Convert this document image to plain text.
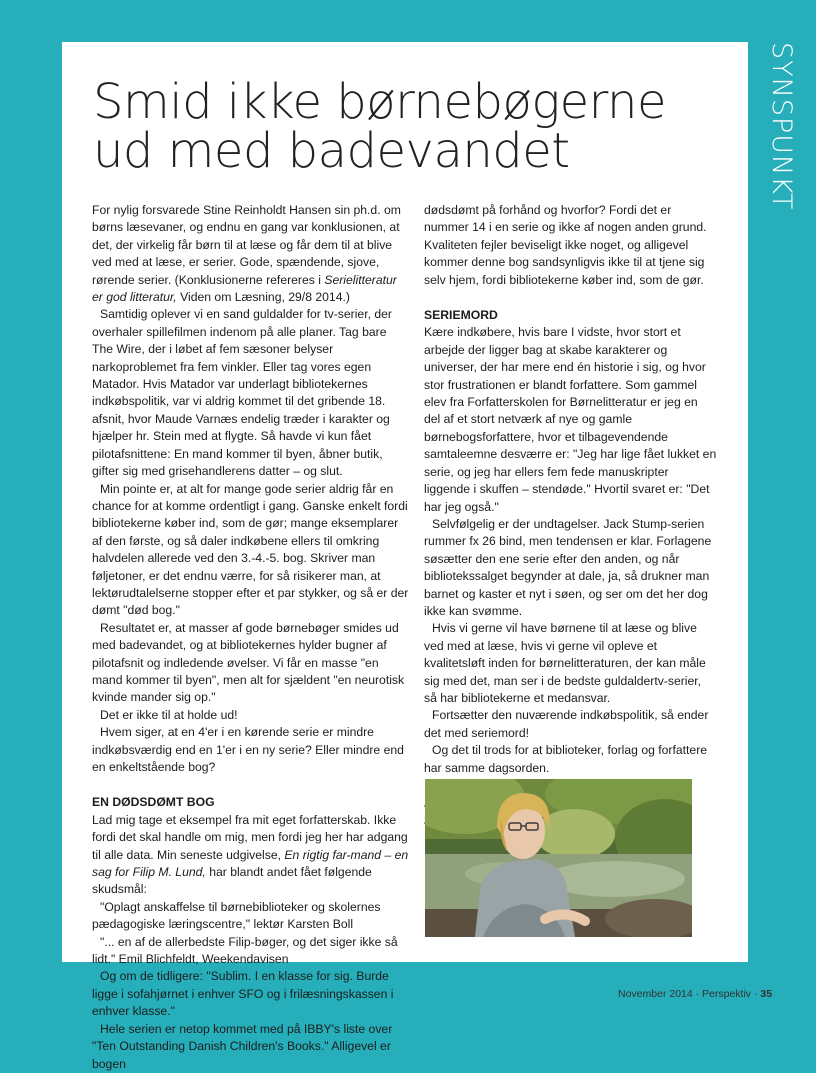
SYNSPUNKT
Smid ikke børnebøgerne
ud med badevandet

For nylig forsvarede Stine Reinholdt Hansen sin ph.d. om børns læsevaner, og endnu en gang var konklusionen, at det, der virkelig får børn til at læse og får dem til at blive ved med at læse, er serier. Gode, spændende, sjove, rørende serier. (Konklusionerne refereres i Serielitteratur er god litteratur, Viden om Læsning, 29/8 2014.)

Samtidig oplever vi en sand guldalder for tv-serier, der overhaler spillefilmen indenom på alle planer. Tag bare The Wire, der i løbet af fem sæsoner belyser narkoproblemet fra fem vinkler. Eller tag vores egen Matador. Hvis Matador var underlagt bibliotekernes indkøbspolitik, var vi aldrig kommet til det gribende 18. afsnit, hvor Maude Varnæs endelig træder i karakter og hjælper hr. Stein med at flygte. Så havde vi kun fået pilotafsnittene: En mand kommer til byen, åbner butik, gifter sig med grisehandlerens datter – og slut.

Min pointe er, at alt for mange gode serier aldrig får en chance for at komme ordentligt i gang. Ganske enkelt fordi bibliotekerne køber ind, som de gør; mange eksemplarer af den første, og så daler indkøbene ellers til omkring halvdelen allerede ved den 3.-4.-5. bog. Skriver man føljetoner, er det endnu værre, for så risikerer man, at lektørudtalelserne stopper efter et par stykker, og så er der dømt "død bog."

Resultatet er, at masser af gode børnebøger smides ud med badevandet, og at bibliotekernes hylder bugner af pilotafsnit og indledende øvelser. Vi får en masse "en mand kommer til byen", men alt for sjældent "en neurotisk kvinde mander sig op."

Det er ikke til at holde ud!

Hvem siger, at en 4'er i en kørende serie er mindre indkøbsværdig end en 1'er i en ny serie? Eller mindre end en enkeltstående bog?

EN DØDSDØMT BOG

Lad mig tage et eksempel fra mit eget forfatterskab. Ikke fordi det skal handle om mig, men fordi jeg her har adgang til alle data. Min seneste udgivelse, En rigtig far-mand – en sag for Filip M. Lund, har blandt andet fået følgende skudsmål:

"Oplagt anskaffelse til børnebiblioteker og skolernes pædagogiske læringscentre," lektør Karsten Boll

"... en af de allerbedste Filip-bøger, og det siger ikke så lidt." Emil Blichfeldt, Weekendavisen

Og om de tidligere: "Sublim. I en klasse for sig. Burde ligge i sofahjørnet i enhver SFO og i frilæsningskassen i enhver klasse."

Hele serien er netop kommet med på IBBY's liste over "Ten Outstanding Danish Children's Books." Alligevel er bogen

dødsdømt på forhånd og hvorfor? Fordi det er nummer 14 i en serie og ikke af nogen anden grund. Kvaliteten fejler beviseligt ikke noget, og alligevel kommer denne bog sandsynligvis ikke til at tjene sig selv hjem, fordi bibliotekerne køber ind, som de gør.

SERIEMORD

Kære indkøbere, hvis bare I vidste, hvor stort et arbejde der ligger bag at skabe karakterer og universer, der har mere end én historie i sig, og hvor stor frustrationen er blandt forfattere. Som gammel elev fra Forfatterskolen for Børnelitteratur er jeg en del af et stort netværk af nye og gamle børnebogsforfattere, hvor et tilbagevendende samtaleemne desværre er: "Jeg har lige fået lukket en serie, og jeg har ellers fem fede manuskripter liggende i skuffen – stendøde." Hvortil svaret er: "Det har jeg også."

Selvfølgelig er der undtagelser. Jack Stump-serien rummer fx 26 bind, men tendensen er klar. Forlagene søsætter den ene serie efter den anden, og når bibliotekssalget begynder at dale, ja, så drukner man barnet og kaster et nyt i søen, og ser om det her dog ikke kan svømme.

Hvis vi gerne vil have børnene til at læse og blive ved med at læse, hvis vi gerne vil opleve et kvalitetsløft inden for børnelitteraturen, der kan måle sig med det, man ser i de bedste guldaldertv-serier, så har bibliotekerne et medansvar.

Fortsætter den nuværende indkøbspolitik, så ender det med seriemord!

Og det til trods for at biblioteker, forlag og forfattere har samme dagsorden.

November 2014 · Perspektiv · 35
